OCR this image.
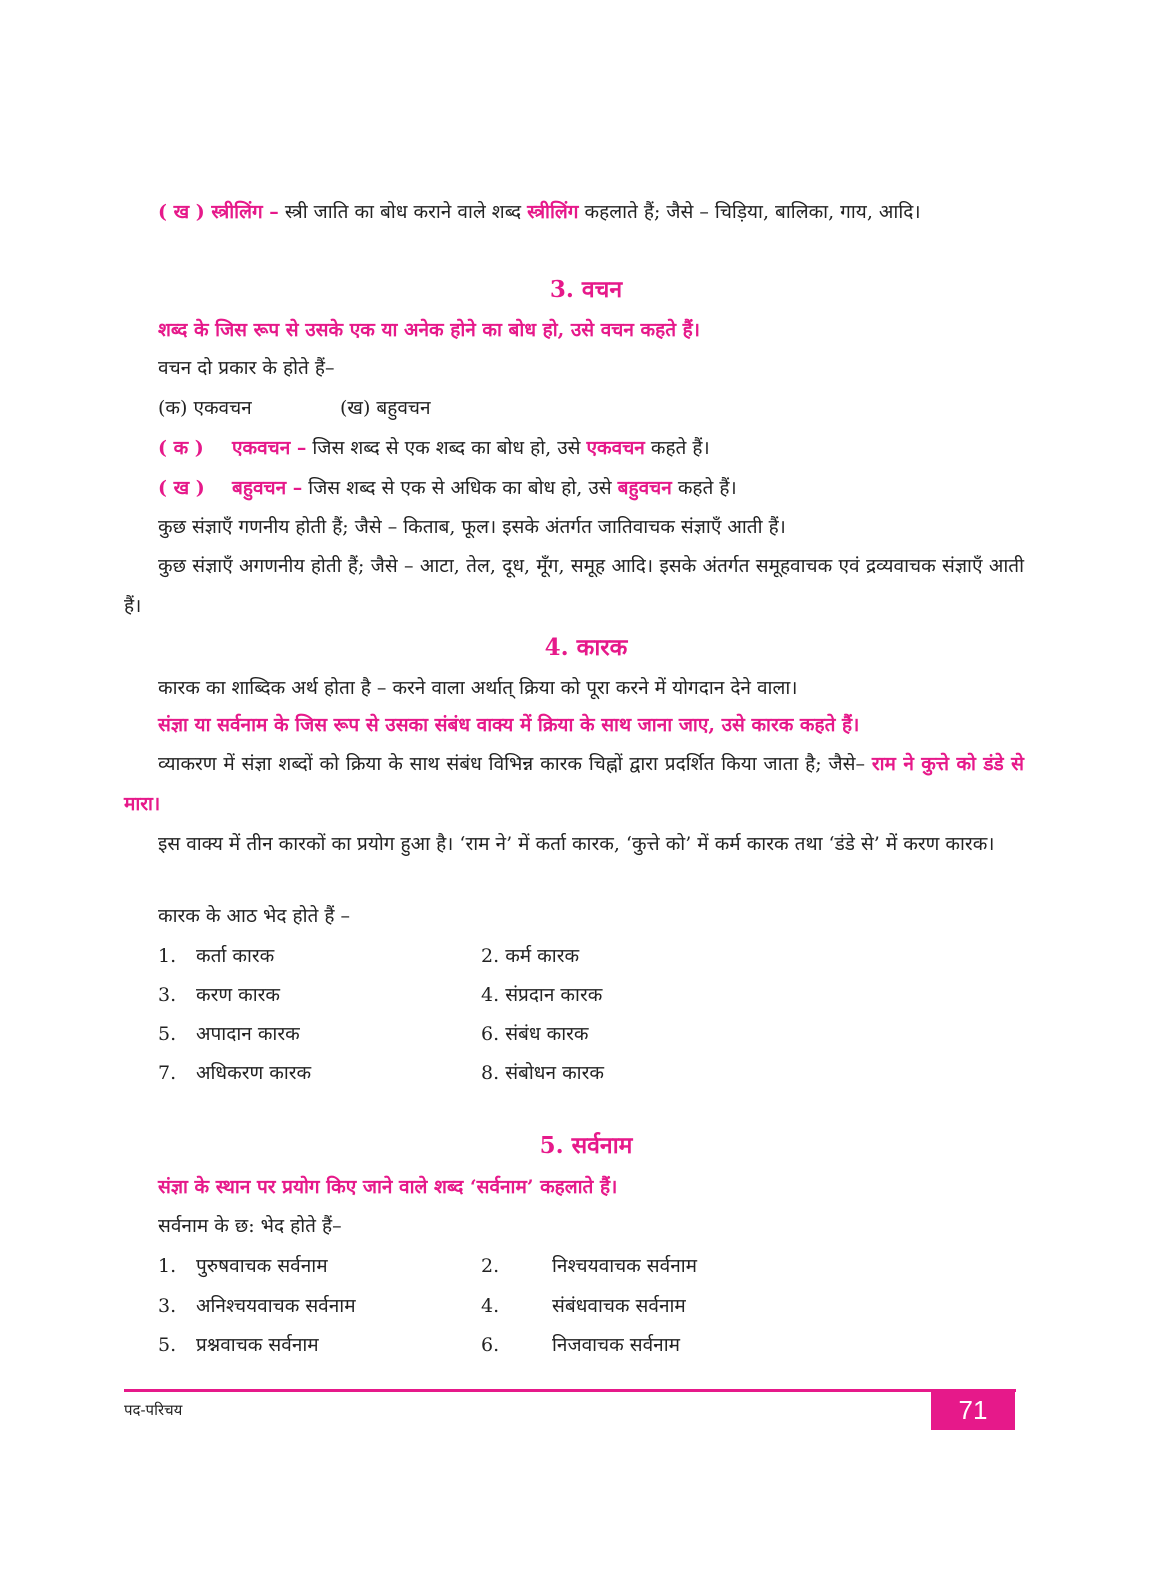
( ख ) स्त्रीलिंग – स्त्री जाति का बोध कराने वाले शब्द स्त्रीलिंग कहलाते हैं; जैसे – चिड़िया, बालिका, गाय, आदि।
3. वचन
शब्द के जिस रूप से उसके एक या अनेक होने का बोध हो, उसे वचन कहते हैं।
वचन दो प्रकार के होते हैं–
(क) एकवचन	(ख) बहुवचन
( क ) एकवचन – जिस शब्द से एक शब्द का बोध हो, उसे एकवचन कहते हैं।
( ख ) बहुवचन – जिस शब्द से एक से अधिक का बोध हो, उसे बहुवचन कहते हैं।
कुछ संज्ञाएँ गणनीय होती हैं; जैसे – किताब, फूल। इसके अंतर्गत जातिवाचक संज्ञाएँ आती हैं।
कुछ संज्ञाएँ अगणनीय होती हैं; जैसे – आटा, तेल, दूध, मूँग, समूह आदि। इसके अंतर्गत समूहवाचक एवं द्रव्यवाचक संज्ञाएँ आती हैं।
4. कारक
कारक का शाब्दिक अर्थ होता है – करने वाला अर्थात् क्रिया को पूरा करने में योगदान देने वाला।
संज्ञा या सर्वनाम के जिस रूप से उसका संबंध वाक्य में क्रिया के साथ जाना जाए, उसे कारक कहते हैं।
व्याकरण में संज्ञा शब्दों को क्रिया के साथ संबंध विभिन्न कारक चिह्नों द्वारा प्रदर्शित किया जाता है; जैसे– राम ने कुत्ते को डंडे से मारा।
इस वाक्य में तीन कारकों का प्रयोग हुआ है। ‘राम ने’ में कर्ता कारक, ‘कुत्ते को’ में कर्म कारक तथा ‘डंडे से’ में करण कारक।
कारक के आठ भेद होते हैं –
1. कर्ता कारक	2. कर्म कारक
3. करण कारक	4. संप्रदान कारक
5. अपादान कारक	6. संबंध कारक
7. अधिकरण कारक	8. संबोधन कारक
5. सर्वनाम
संज्ञा के स्थान पर प्रयोग किए जाने वाले शब्द ‘सर्वनाम’ कहलाते हैं।
सर्वनाम के छ: भेद होते हैं–
1. पुरुषवाचक सर्वनाम	2.	निश्चयवाचक सर्वनाम
3. अनिश्चयवाचक सर्वनाम	4.	संबंधवाचक सर्वनाम
5. प्रश्नवाचक सर्वनाम	6.	निजवाचक सर्वनाम
पद-परिचय	71
